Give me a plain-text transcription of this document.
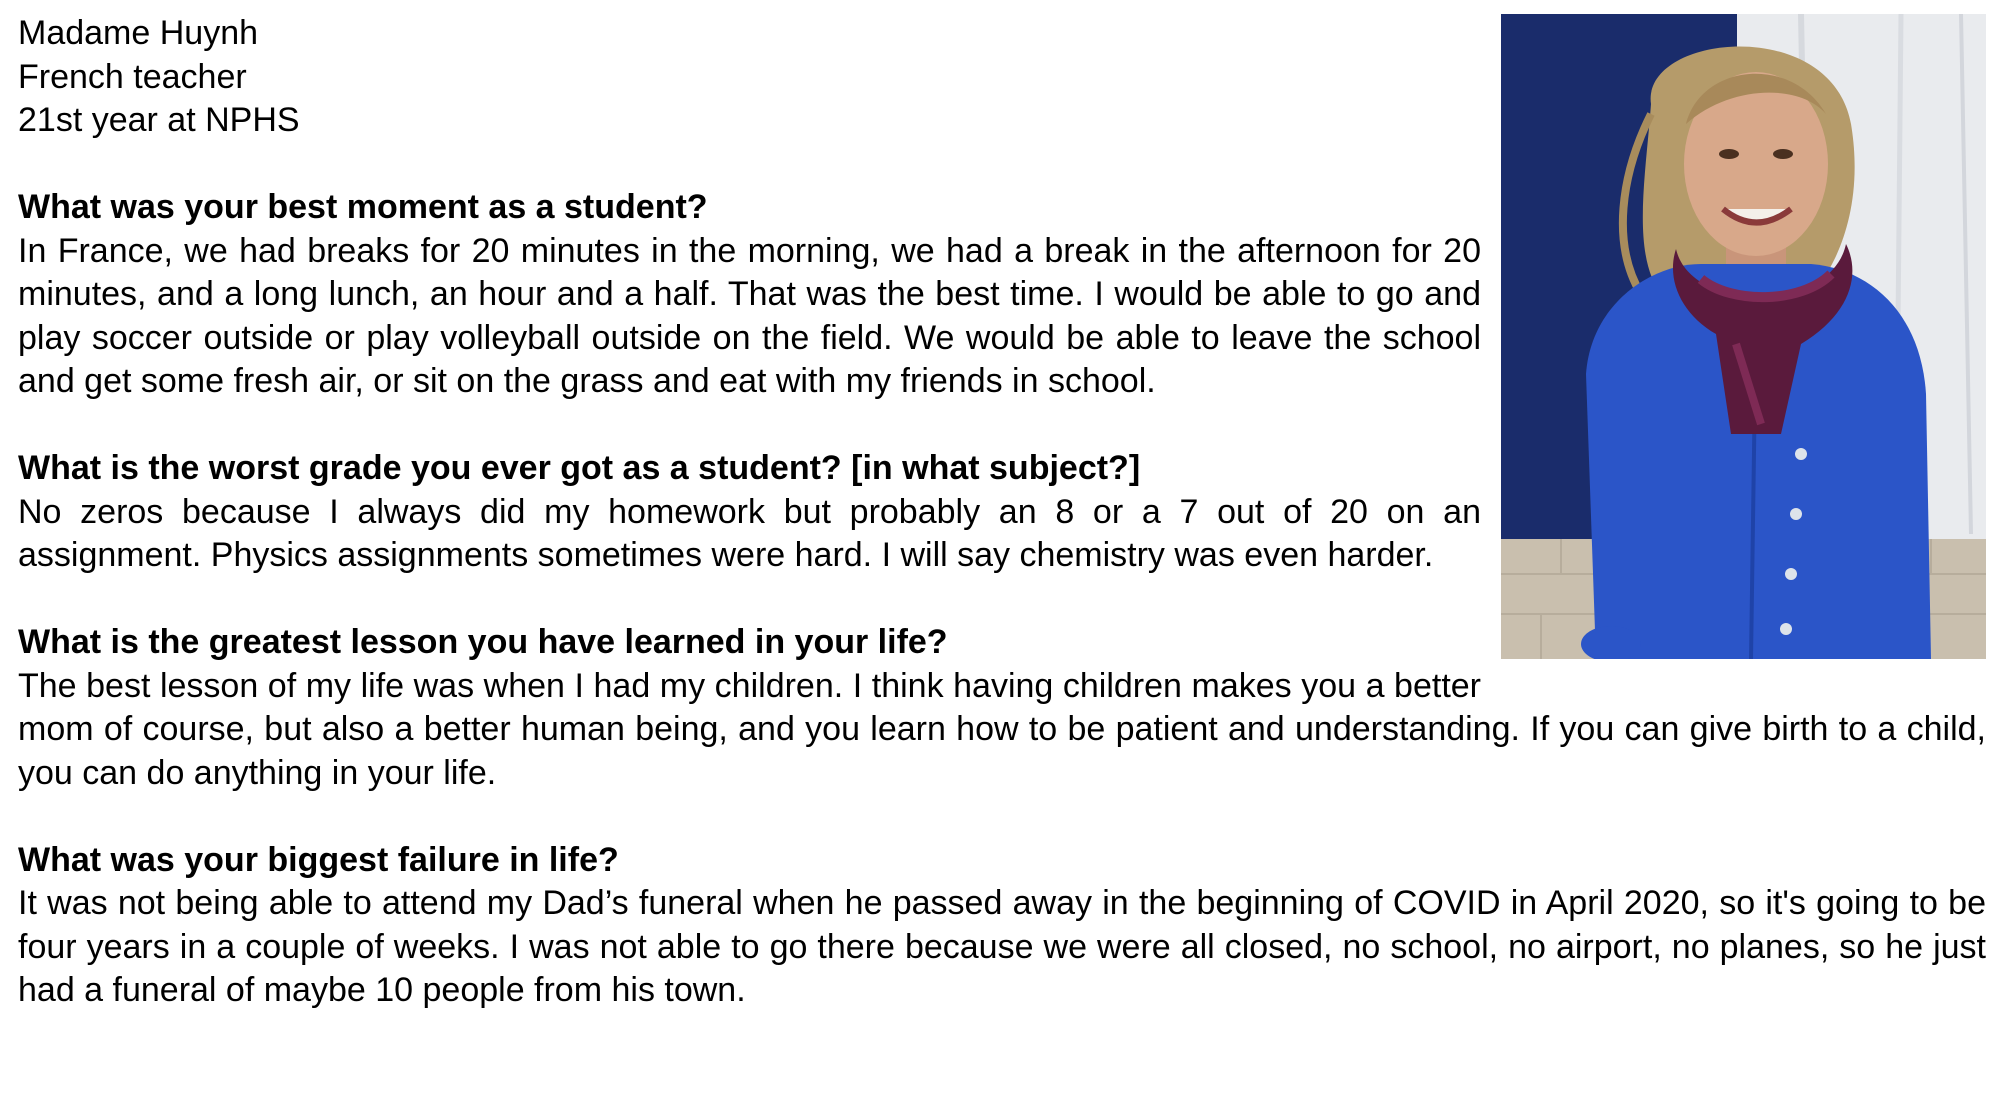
Madame Huynh
French teacher
21st year at NPHS
What was your best moment as a student?
In France, we had breaks for 20 minutes in the morning, we had a break in the afternoon for 20 minutes, and a long lunch, an hour and a half. That was the best time. I would be able to go and play soccer outside or play volleyball outside on the field. We would be able to leave the school and get some fresh air, or sit on the grass and eat with my friends in school.
What is the worst grade you ever got as a student? [in what subject?]
No zeros because I always did my homework but probably an 8 or a 7 out of 20 on an assignment. Physics assignments sometimes were hard. I will say chemistry was even harder.
What is the greatest lesson you have learned in your life?
The best lesson of my life was when I had my children. I think having children makes you a better mom of course, but also a better human being, and you learn how to be patient and understanding. If you can give birth to a child, you can do anything in your life.
What was your biggest failure in life?
It was not being able to attend my Dad’s funeral when he passed away in the beginning of COVID in April 2020, so it's going to be four years in a couple of weeks. I was not able to go there because we were all closed, no school, no airport, no planes, so he just had a funeral of maybe 10 people from his town.
